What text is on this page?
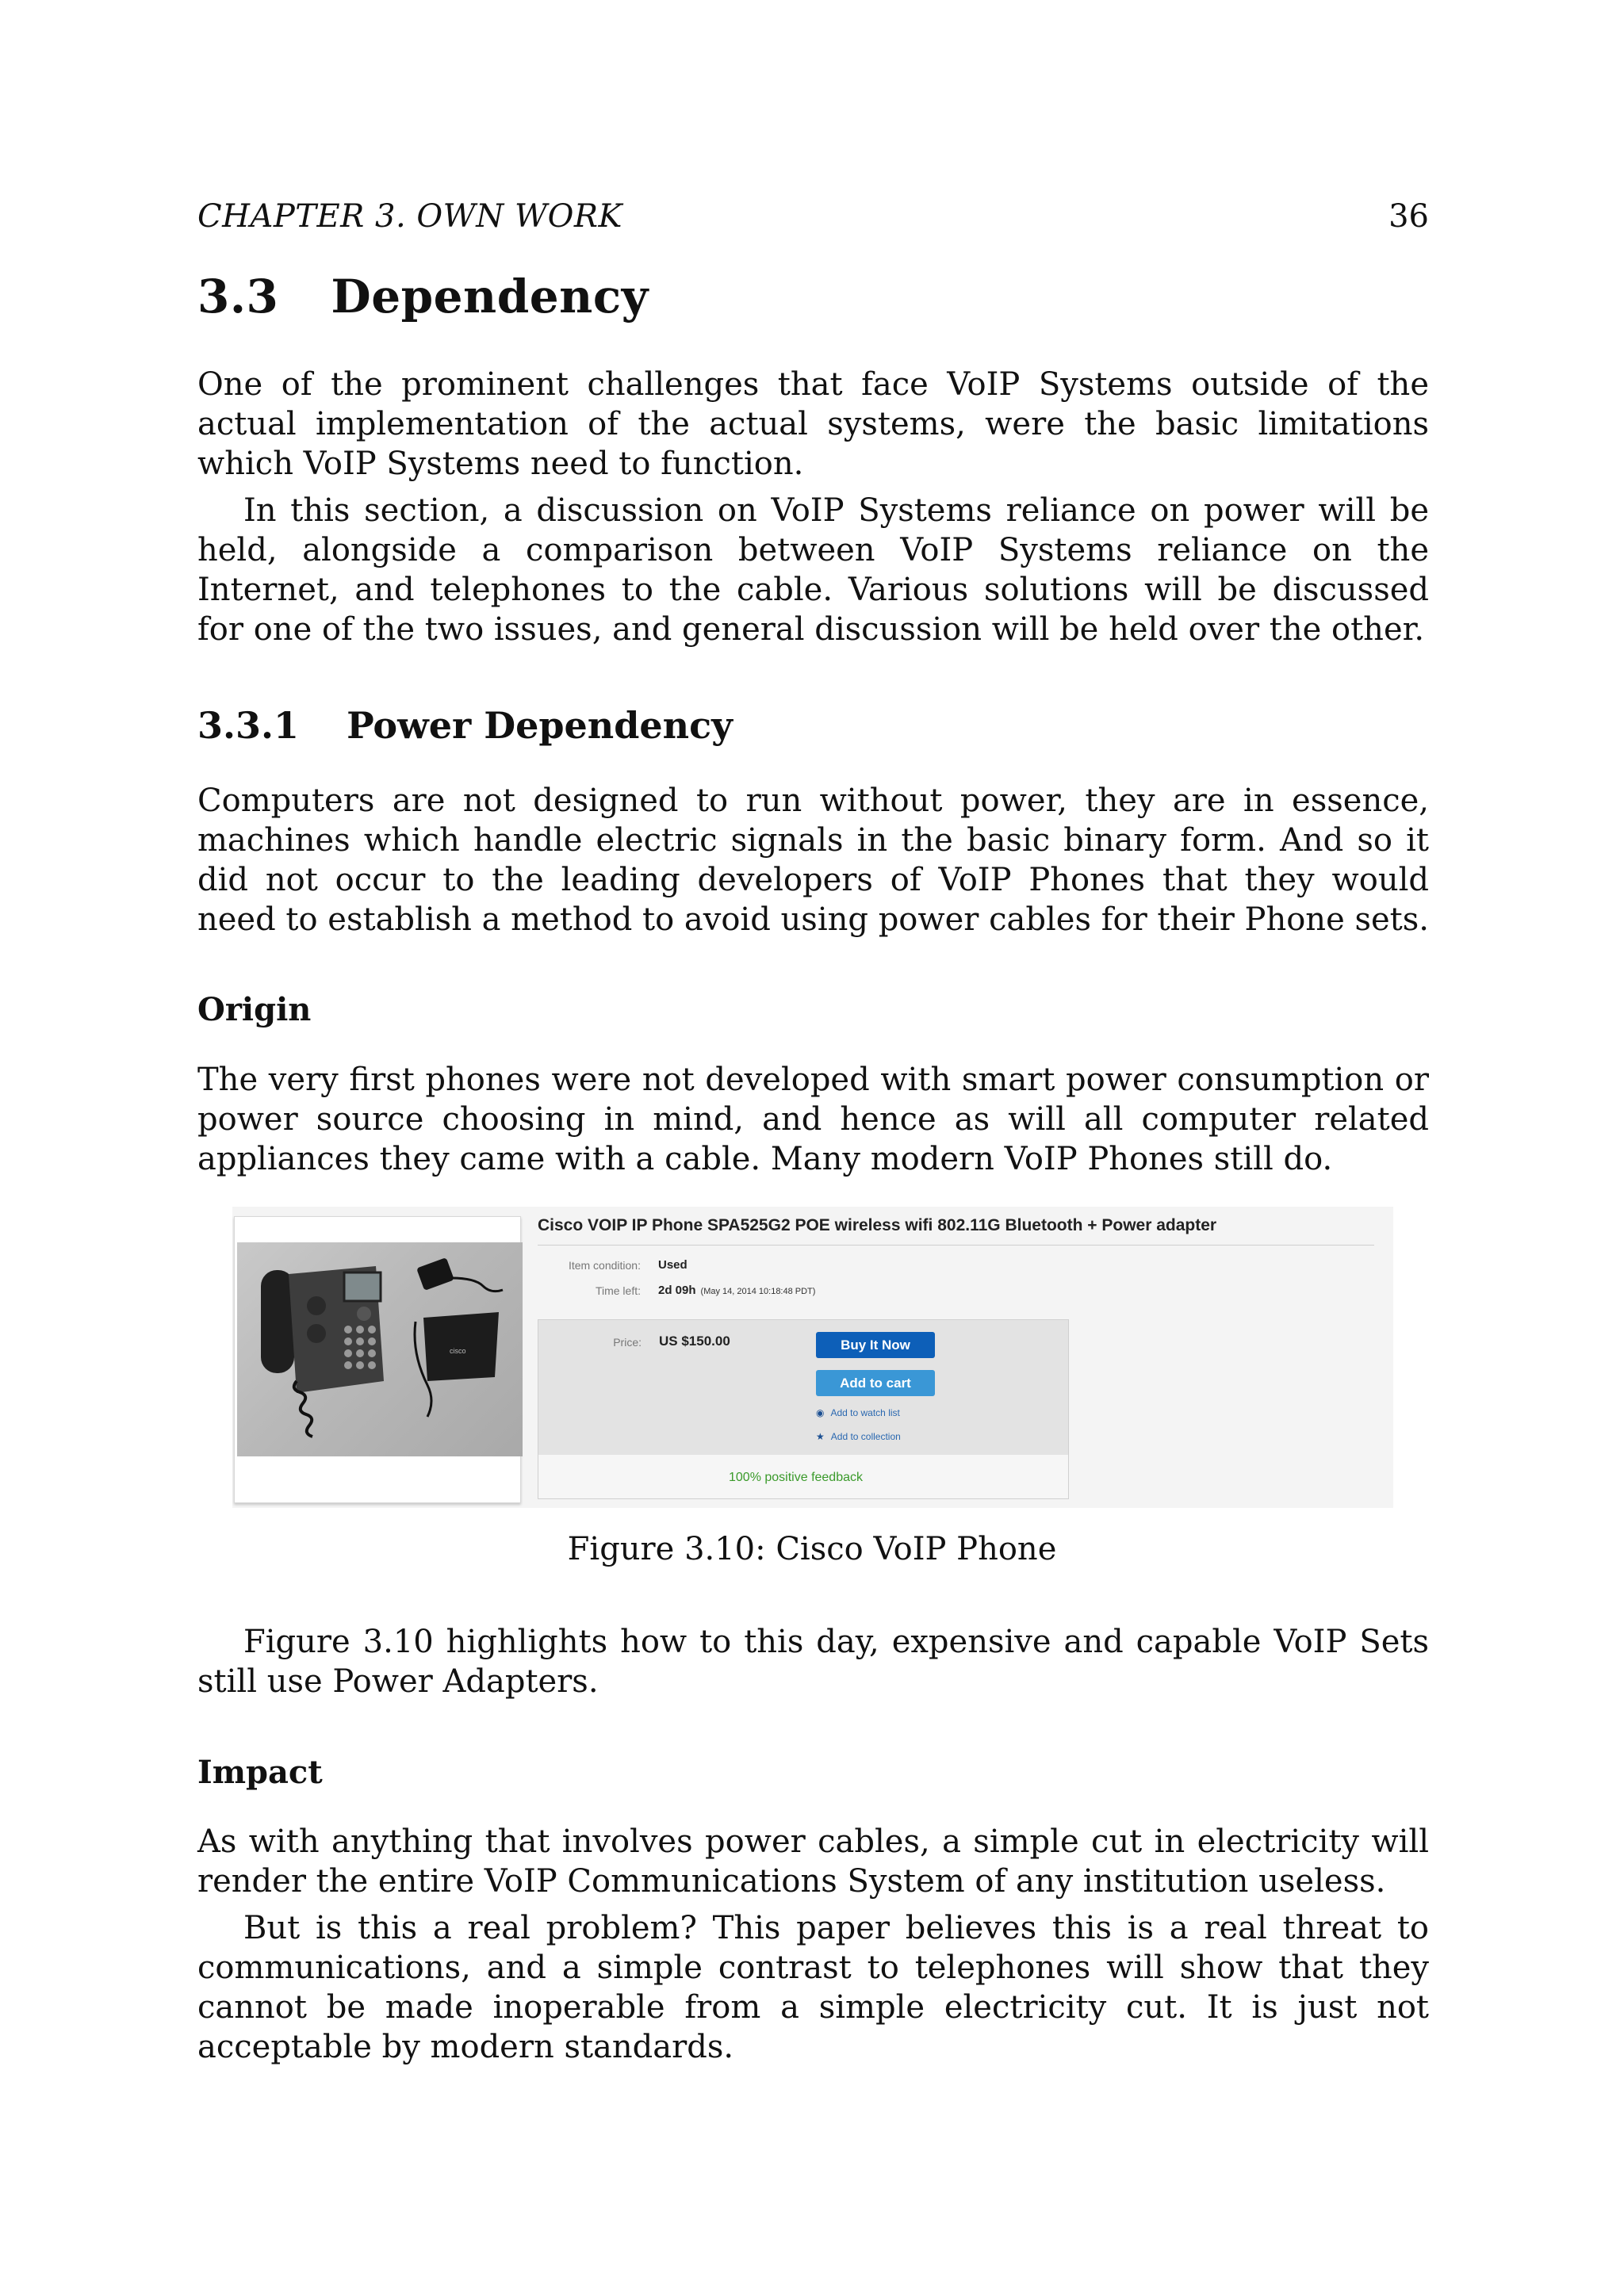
CHAPTER 3. OWN WORK	36
3.3 Dependency

One of the prominent challenges that face VoIP Systems outside of the actual implementation of the actual systems, were the basic limitations which VoIP Systems need to function.

In this section, a discussion on VoIP Systems reliance on power will be held, alongside a comparison between VoIP Systems reliance on the Internet, and telephones to the cable. Various solutions will be discussed for one of the two issues, and general discussion will be held over the other.

3.3.1 Power Dependency

Computers are not designed to run without power, they are in essence, machines which handle electric signals in the basic binary form. And so it did not occur to the leading developers of VoIP Phones that they would need to establish a method to avoid using power cables for their Phone sets.

Origin

The very first phones were not developed with smart power consumption or power source choosing in mind, and hence as will all computer related appliances they came with a cable. Many modern VoIP Phones still do.

cisco
Cisco VOIP IP Phone SPA525G2 POE wireless wifi 802.11G Bluetooth + Power adapter
Item condition: Used
Time left: 2d 09h (May 14, 2014 10:18:48 PDT)
Price: US $150.00	Buy It Now
Add to cart
◉ Add to watch list
★ Add to collection
100% positive feedback
Figure 3.10: Cisco VoIP Phone

Figure 3.10 highlights how to this day, expensive and capable VoIP Sets still use Power Adapters.

Impact

As with anything that involves power cables, a simple cut in electricity will render the entire VoIP Communications System of any institution useless.

But is this a real problem? This paper believes this is a real threat to communications, and a simple contrast to telephones will show that they cannot be made inoperable from a simple electricity cut. It is just not acceptable by modern standards.
